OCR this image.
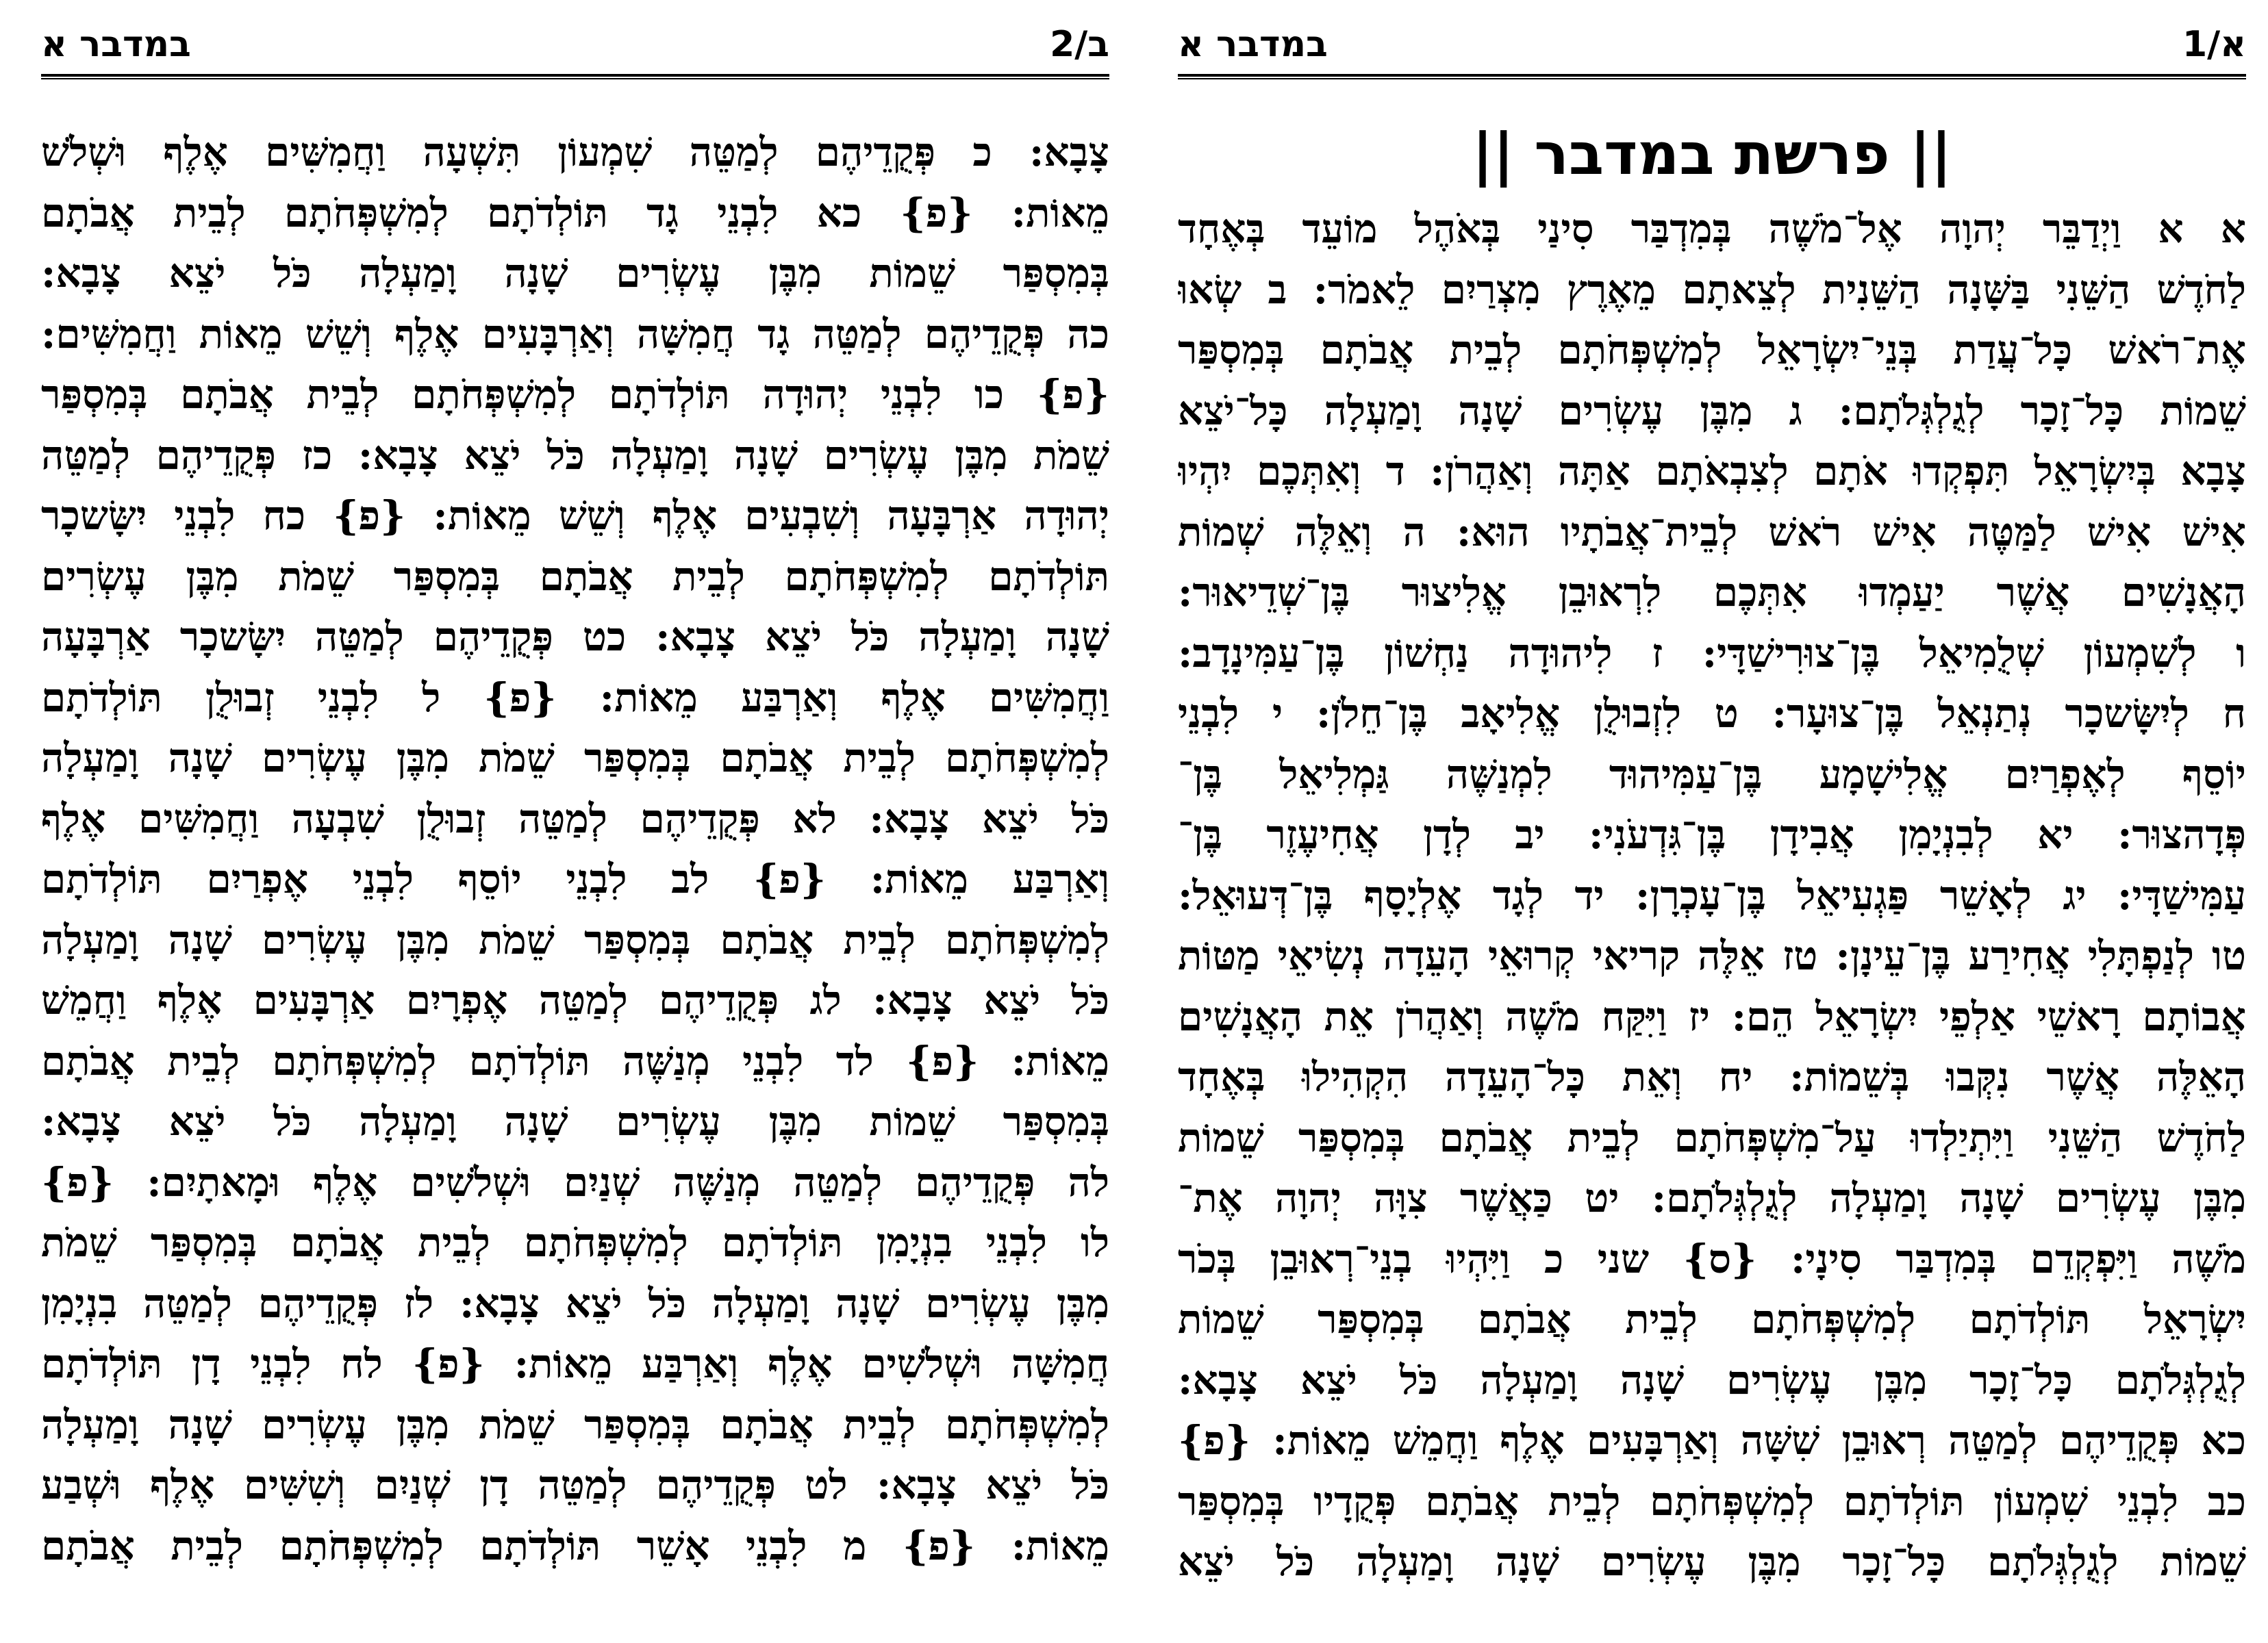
ב/2
במדבר א
צָבָא: כ פְּקֻדֵיהֶם לְמַטֵּה שִׁמְעוֹן תִּשְׁעָה וַחֲמִשִּׁים אֶלֶף וּשְׁלֹשׁ
מֵאוֹת: {פ} כא לִבְנֵי גָד תּוֹלְדֹתָם לְמִשְׁפְּחֹתָם לְבֵית אֲבֹתָם
בְּמִסְפַּר שֵׁמוֹת מִבֶּן עֶשְׂרִים שָׁנָה וָמַעְלָה כֹּל יֹצֵא צָבָא:
כה פְּקֻדֵיהֶם לְמַטֵּה גָד חֲמִשָּׁה וְאַרְבָּעִים אֶלֶף וְשֵׁשׁ מֵאוֹת וַחֲמִשִּׁים:
{פ} כו לִבְנֵי יְהוּדָה תּוֹלְדֹתָם לְמִשְׁפְּחֹתָם לְבֵית אֲבֹתָם בְּמִסְפַּר
שֵׁמֹת מִבֶּן עֶשְׂרִים שָׁנָה וָמַעְלָה כֹּל יֹצֵא צָבָא: כז פְּקֻדֵיהֶם לְמַטֵּה
יְהוּדָה אַרְבָּעָה וְשִׁבְעִים אֶלֶף וְשֵׁשׁ מֵאוֹת: {פ} כח לִבְנֵי יִשָּׂשכָר
תּוֹלְדֹתָם לְמִשְׁפְּחֹתָם לְבֵית אֲבֹתָם בְּמִסְפַּר שֵׁמֹת מִבֶּן עֶשְׂרִים
שָׁנָה וָמַעְלָה כֹּל יֹצֵא צָבָא: כט פְּקֻדֵיהֶם לְמַטֵּה יִשָּׂשכָר אַרְבָּעָה
וַחֲמִשִּׁים אֶלֶף וְאַרְבַּע מֵאוֹת: {פ} ל לִבְנֵי זְבוּלֻן תּוֹלְדֹתָם
לְמִשְׁפְּחֹתָם לְבֵית אֲבֹתָם בְּמִסְפַּר שֵׁמֹת מִבֶּן עֶשְׂרִים שָׁנָה וָמַעְלָה
כֹּל יֹצֵא צָבָא: לא פְּקֻדֵיהֶם לְמַטֵּה זְבוּלֻן שִׁבְעָה וַחֲמִשִּׁים אֶלֶף
וְאַרְבַּע מֵאוֹת: {פ} לב לִבְנֵי יוֹסֵף לִבְנֵי אֶפְרַיִם תּוֹלְדֹתָם
לְמִשְׁפְּחֹתָם לְבֵית אֲבֹתָם בְּמִסְפַּר שֵׁמֹת מִבֶּן עֶשְׂרִים שָׁנָה וָמַעְלָה
כֹּל יֹצֵא צָבָא: לג פְּקֻדֵיהֶם לְמַטֵּה אֶפְרָיִם אַרְבָּעִים אֶלֶף וַחֲמֵשׁ
מֵאוֹת: {פ} לד לִבְנֵי מְנַשֶּׁה תּוֹלְדֹתָם לְמִשְׁפְּחֹתָם לְבֵית אֲבֹתָם
בְּמִסְפַּר שֵׁמוֹת מִבֶּן עֶשְׂרִים שָׁנָה וָמַעְלָה כֹּל יֹצֵא צָבָא:
לה פְּקֻדֵיהֶם לְמַטֵּה מְנַשֶּׁה שְׁנַיִם וּשְׁלֹשִׁים אֶלֶף וּמָאתָיִם: {פ}
לו לִבְנֵי בִנְיָמִן תּוֹלְדֹתָם לְמִשְׁפְּחֹתָם לְבֵית אֲבֹתָם בְּמִסְפַּר שֵׁמֹת
מִבֶּן עֶשְׂרִים שָׁנָה וָמַעְלָה כֹּל יֹצֵא צָבָא: לז פְּקֻדֵיהֶם לְמַטֵּה בִנְיָמִן
חֲמִשָּׁה וּשְׁלֹשִׁים אֶלֶף וְאַרְבַּע מֵאוֹת: {פ} לח לִבְנֵי דָן תּוֹלְדֹתָם
לְמִשְׁפְּחֹתָם לְבֵית אֲבֹתָם בְּמִסְפַּר שֵׁמֹת מִבֶּן עֶשְׂרִים שָׁנָה וָמַעְלָה
כֹּל יֹצֵא צָבָא: לט פְּקֻדֵיהֶם לְמַטֵּה דָן שְׁנַיִם וְשִׁשִּׁים אֶלֶף וּשְׁבַע
מֵאוֹת: {פ} מ לִבְנֵי אָשֵׁר תּוֹלְדֹתָם לְמִשְׁפְּחֹתָם לְבֵית אֲבֹתָם
א/1
במדבר א
|| פרשת במדבר ||
א א וַיְדַבֵּר יְהוָה אֶל־מֹשֶׁה בְּמִדְבַּר סִינַי בְּאֹהֶל מוֹעֵד בְּאֶחָד
לַחֹדֶשׁ הַשֵּׁנִי בַּשָּׁנָה הַשֵּׁנִית לְצֵאתָם מֵאֶרֶץ מִצְרַיִם לֵאמֹר: ב שְׂאוּ
אֶת־רֹאשׁ כָּל־עֲדַת בְּנֵי־יִשְׂרָאֵל לְמִשְׁפְּחֹתָם לְבֵית אֲבֹתָם בְּמִסְפַּר
שֵׁמוֹת כָּל־זָכָר לְגֻלְגְּלֹתָם: ג מִבֶּן עֶשְׂרִים שָׁנָה וָמַעְלָה כָּל־יֹצֵא
צָבָא בְּיִשְׂרָאֵל תִּפְקְדוּ אֹתָם לְצִבְאֹתָם אַתָּה וְאַהֲרֹן: ד וְאִתְּכֶם יִהְיוּ
אִישׁ אִישׁ לַמַּטֶּה אִישׁ רֹאשׁ לְבֵית־אֲבֹתָיו הוּא: ה וְאֵלֶּה שְׁמוֹת
הָאֲנָשִׁים אֲשֶׁר יַעַמְדוּ אִתְּכֶם לִרְאוּבֵן אֱלִיצוּר בֶּן־שְׁדֵיאוּר:
ו לְשִׁמְעוֹן שְׁלֻמִיאֵל בֶּן־צוּרִישַׁדָּי: ז לִיהוּדָה נַחְשׁוֹן בֶּן־עַמִּינָדָב:
ח לְיִשָּׂשכָר נְתַנְאֵל בֶּן־צוּעָר: ט לִזְבוּלֻן אֱלִיאָב בֶּן־חֵלֹן: י לִבְנֵי
יוֹסֵף לְאֶפְרַיִם אֱלִישָׁמָע בֶּן־עַמִּיהוּד לִמְנַשֶּׁה גַּמְלִיאֵל בֶּן־
פְּדָהצוּר: יא לְבִנְיָמִן אֲבִידָן בֶּן־גִּדְעֹנִי: יב לְדָן אֲחִיעֶזֶר בֶּן־
עַמִּישַׁדָּי: יג לְאָשֵׁר פַּגְעִיאֵל בֶּן־עָכְרָן: יד לְגָד אֶלְיָסָף בֶּן־דְּעוּאֵל:
טו לְנַפְתָּלִי אֲחִירַע בֶּן־עֵינָן: טז אֵלֶּה קריאי קְרוּאֵי הָעֵדָה נְשִׂיאֵי מַטּוֹת
אֲבוֹתָם רָאשֵׁי אַלְפֵי יִשְׂרָאֵל הֵם: יז וַיִּקַּח מֹשֶׁה וְאַהֲרֹן אֵת הָאֲנָשִׁים
הָאֵלֶּה אֲשֶׁר נִקְּבוּ בְּשֵׁמוֹת: יח וְאֵת כָּל־הָעֵדָה הִקְהִילוּ בְּאֶחָד
לַחֹדֶשׁ הַשֵּׁנִי וַיִּתְיַלְדוּ עַל־מִשְׁפְּחֹתָם לְבֵית אֲבֹתָם בְּמִסְפַּר שֵׁמוֹת
מִבֶּן עֶשְׂרִים שָׁנָה וָמַעְלָה לְגֻלְגְּלֹתָם: יט כַּאֲשֶׁר צִוָּה יְהוָה אֶת־
מֹשֶׁה וַיִּפְקְדֵם בְּמִדְבַּר סִינָי: {ס} שני כ וַיִּהְיוּ בְנֵי־רְאוּבֵן בְּכֹר
יִשְׂרָאֵל תּוֹלְדֹתָם לְמִשְׁפְּחֹתָם לְבֵית אֲבֹתָם בְּמִסְפַּר שֵׁמוֹת
לְגֻלְגְּלֹתָם כָּל־זָכָר מִבֶּן עֶשְׂרִים שָׁנָה וָמַעְלָה כֹּל יֹצֵא צָבָא:
כא פְּקֻדֵיהֶם לְמַטֵּה רְאוּבֵן שִׁשָּׁה וְאַרְבָּעִים אֶלֶף וַחֲמֵשׁ מֵאוֹת: {פ}
כב לִבְנֵי שִׁמְעוֹן תּוֹלְדֹתָם לְמִשְׁפְּחֹתָם לְבֵית אֲבֹתָם פְּקֻדָיו בְּמִסְפַּר
שֵׁמוֹת לְגֻלְגְּלֹתָם כָּל־זָכָר מִבֶּן עֶשְׂרִים שָׁנָה וָמַעְלָה כֹּל יֹצֵא
